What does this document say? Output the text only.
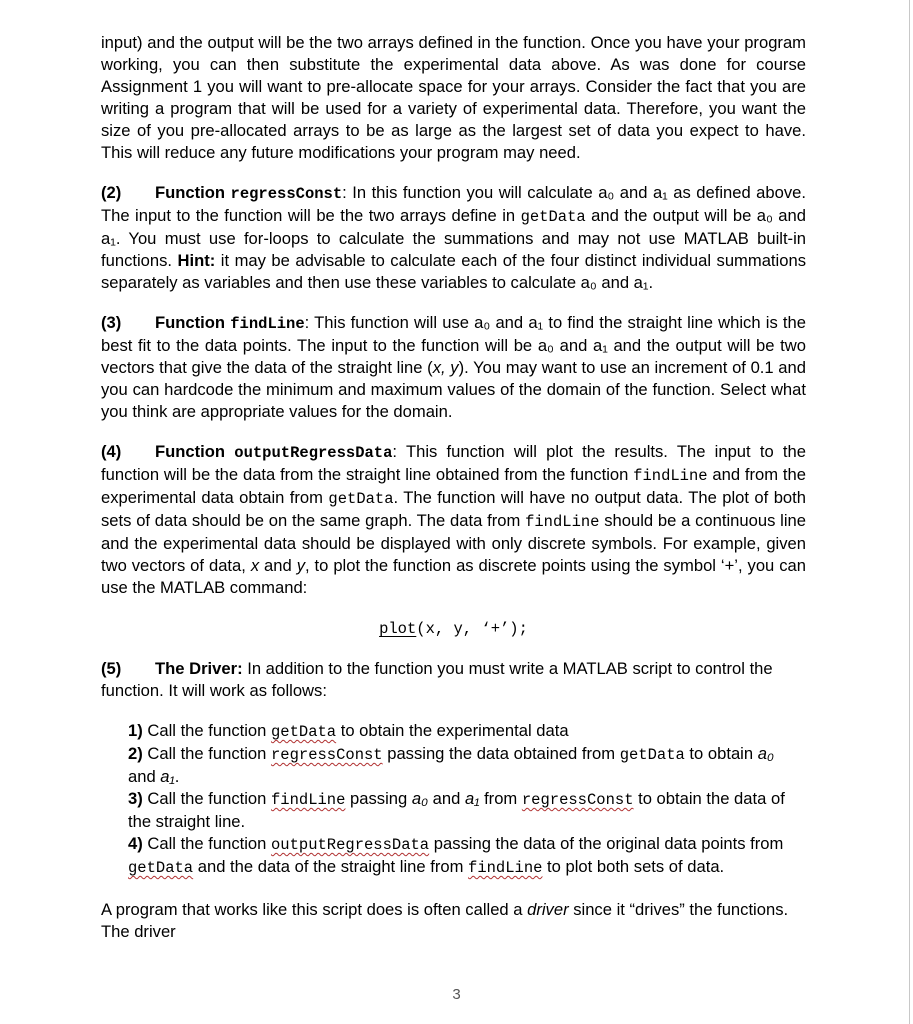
input) and the output will be the two arrays defined in the function. Once you have your program working, you can then substitute the experimental data above. As was done for course Assignment 1 you will want to pre-allocate space for your arrays. Consider the fact that you are writing a program that will be used for a variety of experimental data. Therefore, you want the size of you pre-allocated arrays to be as large as the largest set of data you expect to have. This will reduce any future modifications your program may need.

(2) Function regressConst: In this function you will calculate a₀ and a₁ as defined above. The input to the function will be the two arrays define in getData and the output will be a₀ and a₁. You must use for-loops to calculate the summations and may not use MATLAB built-in functions. Hint: it may be advisable to calculate each of the four distinct individual summations separately as variables and then use these variables to calculate a₀ and a₁.

(3) Function findLine: This function will use a₀ and a₁ to find the straight line which is the best fit to the data points. The input to the function will be a₀ and a₁ and the output will be two vectors that give the data of the straight line (x, y). You may want to use an increment of 0.1 and you can hardcode the minimum and maximum values of the domain of the function. Select what you think are appropriate values for the domain.

(4) Function outputRegressData: This function will plot the results. The input to the function will be the data from the straight line obtained from the function findLine and from the experimental data obtain from getData. The function will have no output data. The plot of both sets of data should be on the same graph. The data from findLine should be a continuous line and the experimental data should be displayed with only discrete symbols. For example, given two vectors of data, x and y, to plot the function as discrete points using the symbol ‘+’, you can use the MATLAB command:

plot(x, y, ‘+’);

(5) The Driver: In addition to the function you must write a MATLAB script to control the function. It will work as follows:

1) Call the function getData to obtain the experimental data

2) Call the function regressConst passing the data obtained from getData to obtain a₀ and a₁.

3) Call the function findLine passing a₀ and a₁ from regressConst to obtain the data of the straight line.

4) Call the function outputRegressData passing the data of the original data points from getData and the data of the straight line from findLine to plot both sets of data.

A program that works like this script does is often called a driver since it “drives” the functions. The driver

3
